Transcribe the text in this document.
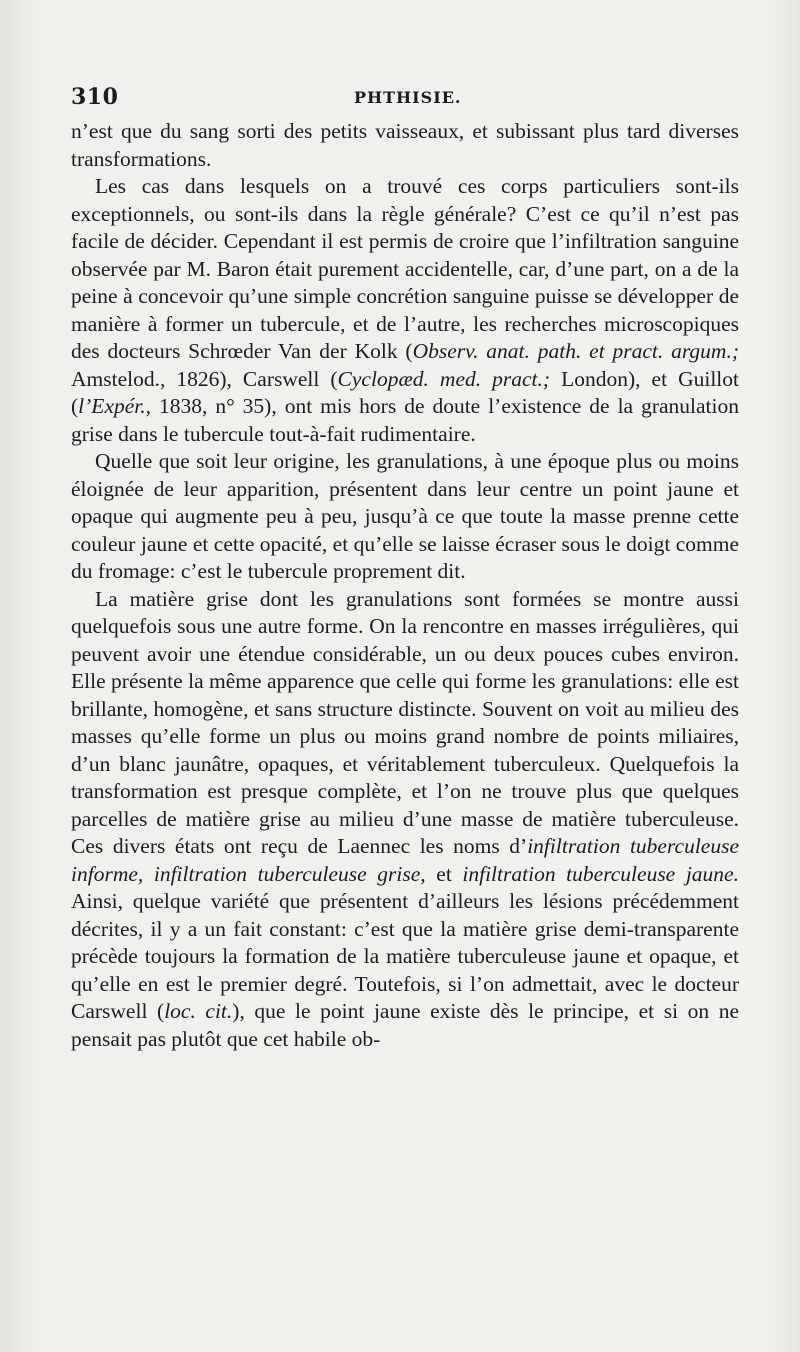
310	PHTHISIE.

n’est que du sang sorti des petits vaisseaux, et subissant plus tard diverses transformations.

Les cas dans lesquels on a trouvé ces corps particuliers sont-ils exceptionnels, ou sont-ils dans la règle générale? C’est ce qu’il n’est pas facile de décider. Cependant il est permis de croire que l’infiltration sanguine observée par M. Baron était purement accidentelle, car, d’une part, on a de la peine à concevoir qu’une simple concrétion sanguine puisse se développer de manière à former un tubercule, et de l’autre, les recherches microscopiques des docteurs Schrœder Van der Kolk (Observ. anat. path. et pract. argum.; Amstelod., 1826), Carswell (Cyclopæd. med. pract.; London), et Guillot (l’Expér., 1838, n° 35), ont mis hors de doute l’existence de la granulation grise dans le tubercule tout-à-fait rudimentaire.

Quelle que soit leur origine, les granulations, à une époque plus ou moins éloignée de leur apparition, présentent dans leur centre un point jaune et opaque qui augmente peu à peu, jusqu’à ce que toute la masse prenne cette couleur jaune et cette opacité, et qu’elle se laisse écraser sous le doigt comme du fromage: c’est le tubercule proprement dit.

La matière grise dont les granulations sont formées se montre aussi quelquefois sous une autre forme. On la rencontre en masses irrégulières, qui peuvent avoir une étendue considérable, un ou deux pouces cubes environ. Elle présente la même apparence que celle qui forme les granulations: elle est brillante, homogène, et sans structure distincte. Souvent on voit au milieu des masses qu’elle forme un plus ou moins grand nombre de points miliaires, d’un blanc jaunâtre, opaques, et véritablement tuberculeux. Quelquefois la transformation est presque complète, et l’on ne trouve plus que quelques parcelles de matière grise au milieu d’une masse de matière tuberculeuse. Ces divers états ont reçu de Laennec les noms d’infiltration tuberculeuse informe, infiltration tuberculeuse grise, et infiltration tuberculeuse jaune. Ainsi, quelque variété que présentent d’ailleurs les lésions précédemment décrites, il y a un fait constant: c’est que la matière grise demi-transparente précède toujours la formation de la matière tuberculeuse jaune et opaque, et qu’elle en est le premier degré. Toutefois, si l’on admettait, avec le docteur Carswell (loc. cit.), que le point jaune existe dès le principe, et si on ne pensait pas plutôt que cet habile ob-
